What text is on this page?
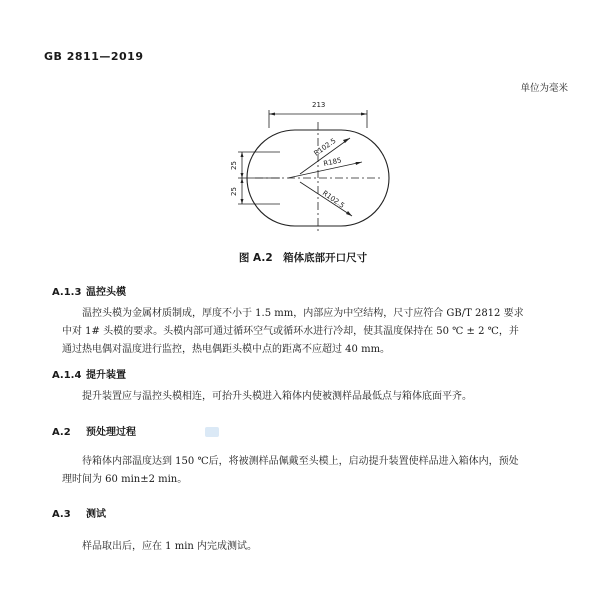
GB 2811—2019
单位为毫米
213
R102.5
R185
R102.5
25
25
图 A.2　箱体底部开口尺寸
A.1.3 温控头模
温控头模为金属材质制成，厚度不小于 1.5 mm，内部应为中空结构，尺寸应符合 GB/T 2812 要求
中对 1# 头模的要求。头模内部可通过循环空气或循环水进行冷却，使其温度保持在 50 ℃ ± 2 ℃，并
通过热电偶对温度进行监控，热电偶距头模中点的距离不应超过 40 mm。
A.1.4 提升装置
提升装置应与温控头模相连，可抬升头模进入箱体内使被测样品最低点与箱体底面平齐。
A.2 预处理过程
待箱体内部温度达到 150 ℃后，将被测样品佩戴至头模上，启动提升装置使样品进入箱体内，预处
理时间为 60 min±2 min。
A.3 测试
样品取出后，应在 1 min 内完成测试。
